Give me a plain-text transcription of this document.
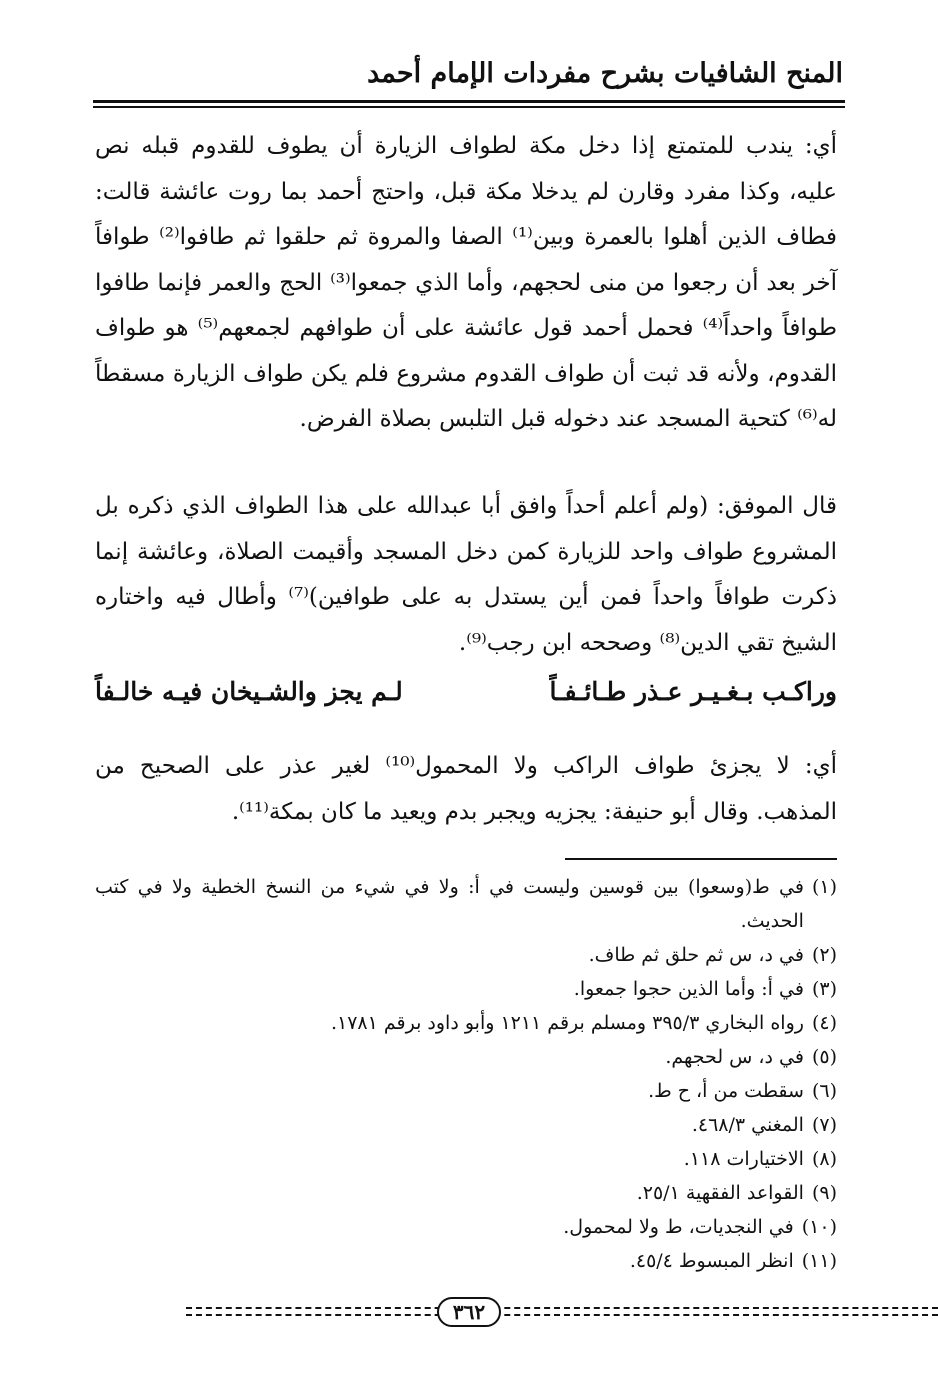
المنح الشافيات بشرح مفردات الإمام أحمد
أي: يندب للمتمتع إذا دخل مكة لطواف الزيارة أن يطوف للقدوم قبله نص عليه، وكذا مفرد وقارن لم يدخلا مكة قبل، واحتج أحمد بما روت عائشة قالت: فطاف الذين أهلوا بالعمرة وبين⁽¹⁾ الصفا والمروة ثم حلقوا ثم طافوا⁽²⁾ طوافاً آخر بعد أن رجعوا من منى لحجهم، وأما الذي جمعوا⁽³⁾ الحج والعمر فإنما طافوا طوافاً واحداً⁽⁴⁾ فحمل أحمد قول عائشة على أن طوافهم لجمعهم⁽⁵⁾ هو طواف القدوم، ولأنه قد ثبت أن طواف القدوم مشروع فلم يكن طواف الزيارة مسقطاً له⁽⁶⁾ كتحية المسجد عند دخوله قبل التلبس بصلاة الفرض.
قال الموفق: (ولم أعلم أحداً وافق أبا عبدالله على هذا الطواف الذي ذكره بل المشروع طواف واحد للزيارة كمن دخل المسجد وأقيمت الصلاة، وعائشة إنما ذكرت طوافاً واحداً فمن أين يستدل به على طوافين)⁽⁷⁾ وأطال فيه واختاره الشيخ تقي الدين⁽⁸⁾ وصححه ابن رجب⁽⁹⁾.
وراكـب بـغـيـر عـذر طـائـفـاً
لـم يجز والشـيخان فيـه خالـفاً
أي: لا يجزئ طواف الراكب ولا المحمول⁽¹⁰⁾ لغير عذر على الصحيح من المذهب. وقال أبو حنيفة: يجزيه ويجبر بدم ويعيد ما كان بمكة⁽¹¹⁾.
(١)
في ط(وسعوا) بين قوسين وليست في أ: ولا في شيء من النسخ الخطية ولا في كتب الحديث.
(٢)
في د، س ثم حلق ثم طاف.
(٣)
في أ: وأما الذين حجوا جمعوا.
(٤)
رواه البخاري ٣٩٥/٣ ومسلم برقم ١٢١١ وأبو داود برقم ١٧٨١.
(٥)
في د، س لحجهم.
(٦)
سقطت من أ، ح ط.
(٧)
المغني ٤٦٨/٣.
(٨)
الاختيارات ١١٨.
(٩)
القواعد الفقهية ٢٥/١.
(١٠)
في النجديات، ط ولا لمحمول.
(١١)
انظر المبسوط ٤٥/٤.
٣٦٢
